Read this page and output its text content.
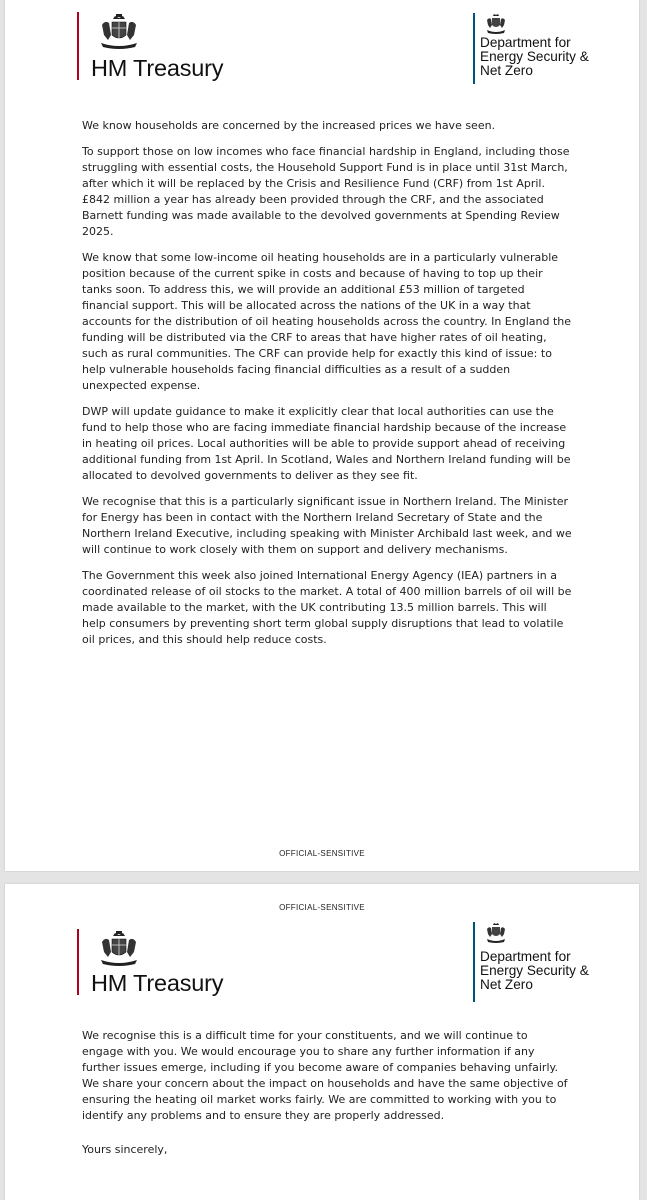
HM Treasury
Department for Energy Security & Net Zero

We know households are concerned by the increased prices we have seen.

To support those on low incomes who face financial hardship in England, including those struggling with essential costs, the Household Support Fund is in place until 31st March, after which it will be replaced by the Crisis and Resilience Fund (CRF) from 1st April. £842 million a year has already been provided through the CRF, and the associated Barnett funding was made available to the devolved governments at Spending Review 2025.

We know that some low-income oil heating households are in a particularly vulnerable position because of the current spike in costs and because of having to top up their tanks soon. To address this, we will provide an additional £53 million of targeted financial support. This will be allocated across the nations of the UK in a way that accounts for the distribution of oil heating households across the country. In England the funding will be distributed via the CRF to areas that have higher rates of oil heating, such as rural communities. The CRF can provide help for exactly this kind of issue: to help vulnerable households facing financial difficulties as a result of a sudden unexpected expense.

DWP will update guidance to make it explicitly clear that local authorities can use the fund to help those who are facing immediate financial hardship because of the increase in heating oil prices. Local authorities will be able to provide support ahead of receiving additional funding from 1st April. In Scotland, Wales and Northern Ireland funding will be allocated to devolved governments to deliver as they see fit.

We recognise that this is a particularly significant issue in Northern Ireland. The Minister for Energy has been in contact with the Northern Ireland Secretary of State and the Northern Ireland Executive, including speaking with Minister Archibald last week, and we will continue to work closely with them on support and delivery mechanisms.

The Government this week also joined International Energy Agency (IEA) partners in a coordinated release of oil stocks to the market. A total of 400 million barrels of oil will be made available to the market, with the UK contributing 13.5 million barrels. This will help consumers by preventing short term global supply disruptions that lead to volatile oil prices, and this should help reduce costs.

OFFICIAL-SENSITIVE
OFFICIAL-SENSITIVE
HM Treasury
Department for Energy Security & Net Zero

We recognise this is a difficult time for your constituents, and we will continue to engage with you. We would encourage you to share any further information if any further issues emerge, including if you become aware of companies behaving unfairly. We share your concern about the impact on households and have the same objective of ensuring the heating oil market works fairly. We are committed to working with you to identify any problems and to ensure they are properly addressed.

Yours sincerely,
